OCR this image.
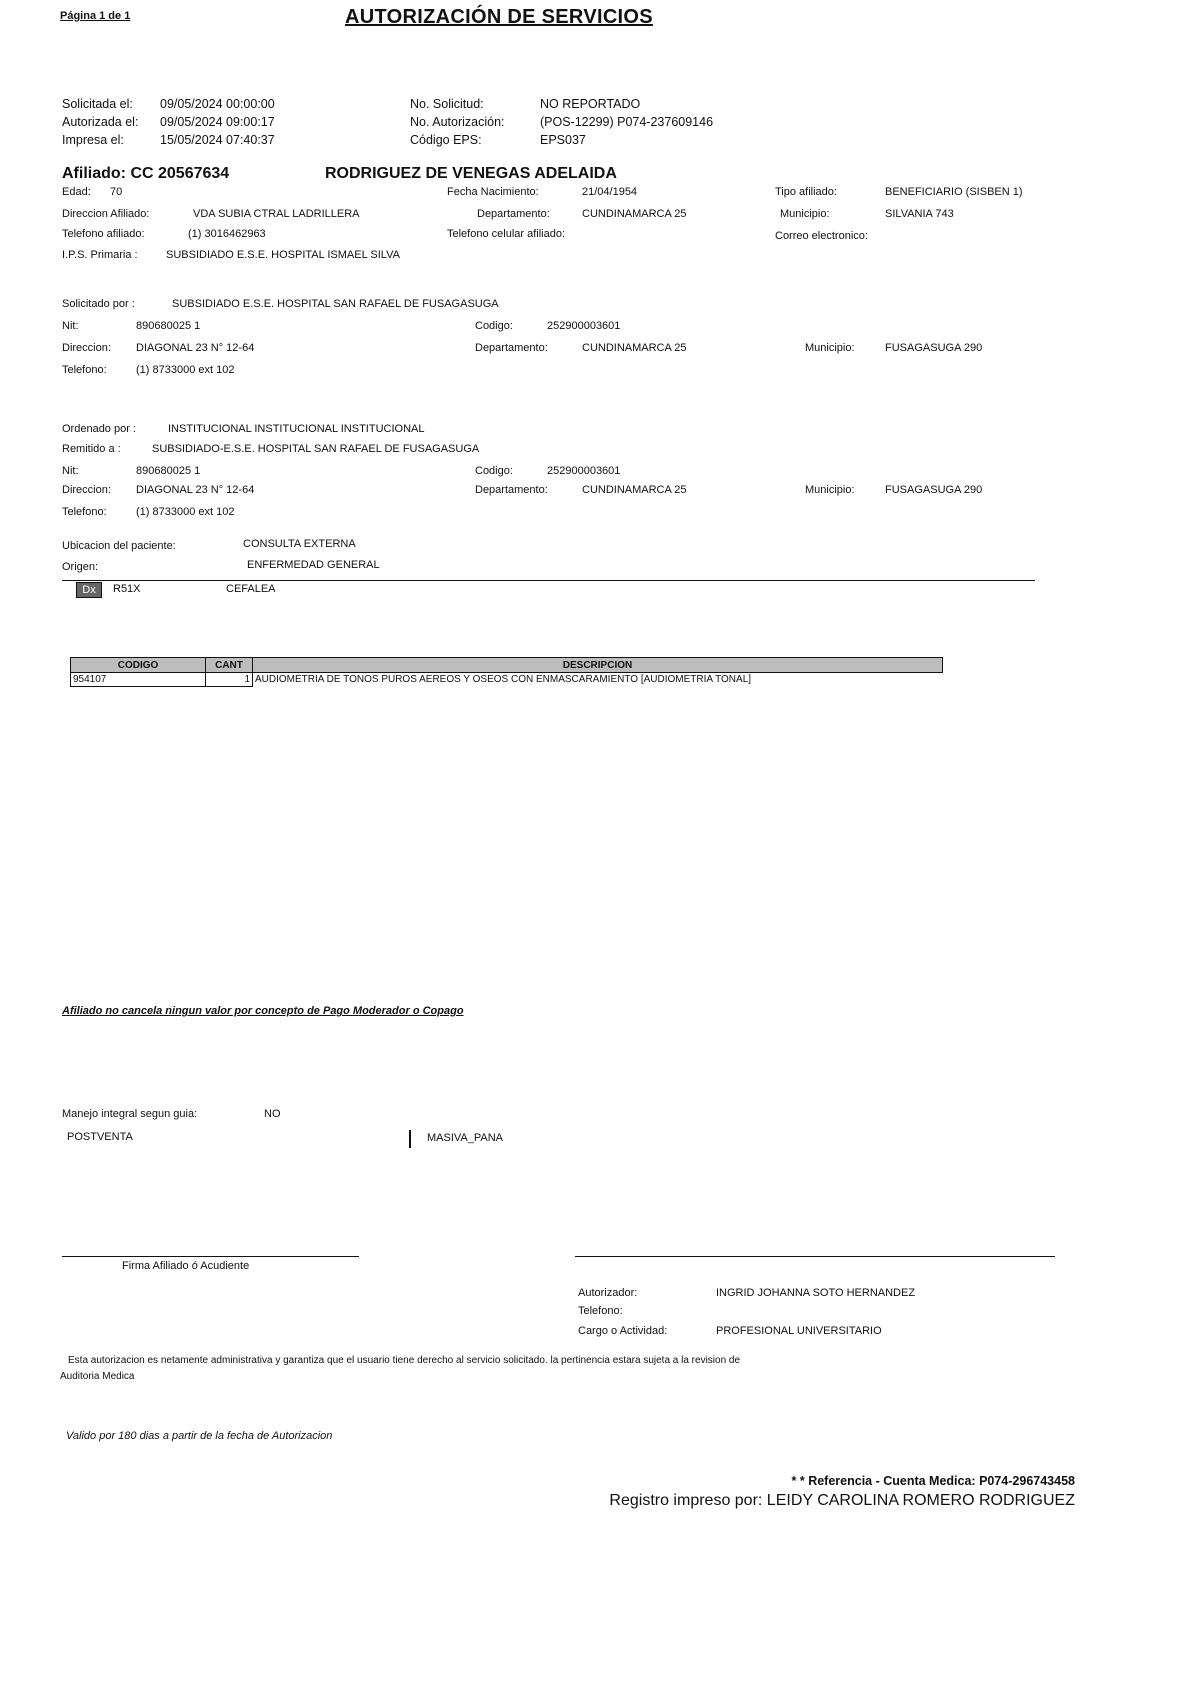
Página 1 de 1	AUTORIZACIÓN DE SERVICIOS
Solicitada el: 09/05/2024 00:00:00
Autorizada el: 09/05/2024 09:00:17
Impresa el:	15/05/2024 07:40:37
No. Solicitud:	NO REPORTADO
No. Autorización:	(POS-12299) P074-237609146
Código EPS:	EPS037
Afiliado: CC 20567634	RODRIGUEZ DE VENEGAS ADELAIDA
Edad: 70	Fecha Nacimiento:	21/04/1954	Tipo afiliado:	BENEFICIARIO (SISBEN 1)
Direccion Afiliado:	VDA SUBIA CTRAL LADRILLERA	Departamento:	CUNDINAMARCA 25	Municipio:	SILVANIA 743
Telefono afiliado:	(1) 3016462963	Telefono celular afiliado:	Correo electronico:
I.P.S. Primaria :	SUBSIDIADO E.S.E. HOSPITAL ISMAEL SILVA
Solicitado por :	SUBSIDIADO E.S.E. HOSPITAL SAN RAFAEL DE FUSAGASUGA
Nit:	890680025 1	Codigo:	252900003601
Direccion: DIAGONAL 23 N° 12-64	Departamento:	CUNDINAMARCA 25	Municipio:	FUSAGASUGA 290
Telefono:	(1) 8733000 ext 102
Ordenado por :	INSTITUCIONAL INSTITUCIONAL INSTITUCIONAL
Remitido a :	SUBSIDIADO-E.S.E. HOSPITAL SAN RAFAEL DE FUSAGASUGA
Nit:	890680025 1	Codigo:	252900003601
Direccion: DIAGONAL 23 N° 12-64	Departamento:	CUNDINAMARCA 25	Municipio:	FUSAGASUGA 290
Telefono:	(1) 8733000 ext 102
Ubicacion del paciente:	CONSULTA EXTERNA
Origen:	ENFERMEDAD GENERAL
Dx	R51X	CEFALEA
CODIGO	CANT	DESCRIPCION
954107	1	AUDIOMETRIA DE TONOS PUROS AEREOS Y OSEOS CON ENMASCARAMIENTO [AUDIOMETRIA TONAL]
Afiliado no cancela ningun valor por concepto de Pago Moderador o Copago
Manejo integral segun guia:	NO
POSTVENTA	MASIVA_PANA
Firma Afiliado ó Acudiente
Autorizador:	INGRID JOHANNA SOTO HERNANDEZ
Telefono:
Cargo o Actividad:	PROFESIONAL UNIVERSITARIO
Esta autorizacion es netamente administrativa y garantiza que el usuario tiene derecho al servicio solicitado. la pertinencia estara sujeta a la revision de
Auditoria Medica
Valido por 180 dias a partir de la fecha de Autorizacion
* * Referencia - Cuenta Medica: P074-296743458
Registro impreso por: LEIDY CAROLINA ROMERO RODRIGUEZ
